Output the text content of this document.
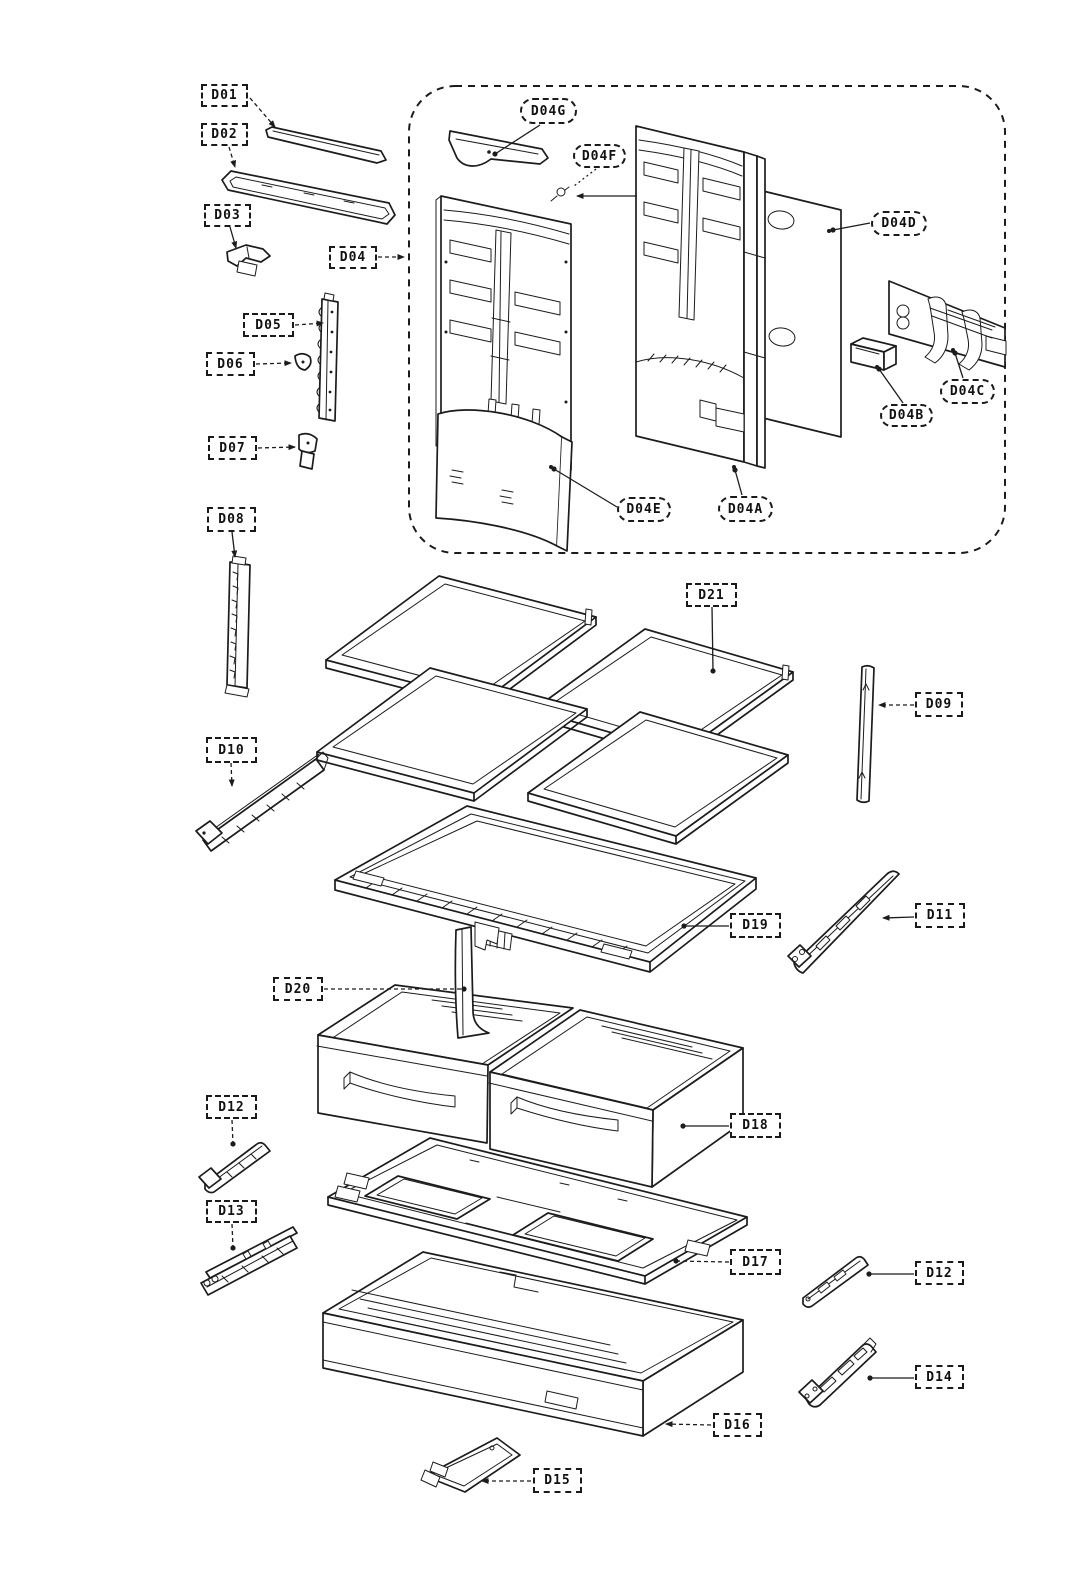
D01
D02
D03
D04
D04G
D04F
D04D
D04C
D04B
D04E	D04A
D05
D06
D07
D08
D21
D09
D10
D19
D11
D20
D18
D12
D13
D17
D12
D14
D16
D15
